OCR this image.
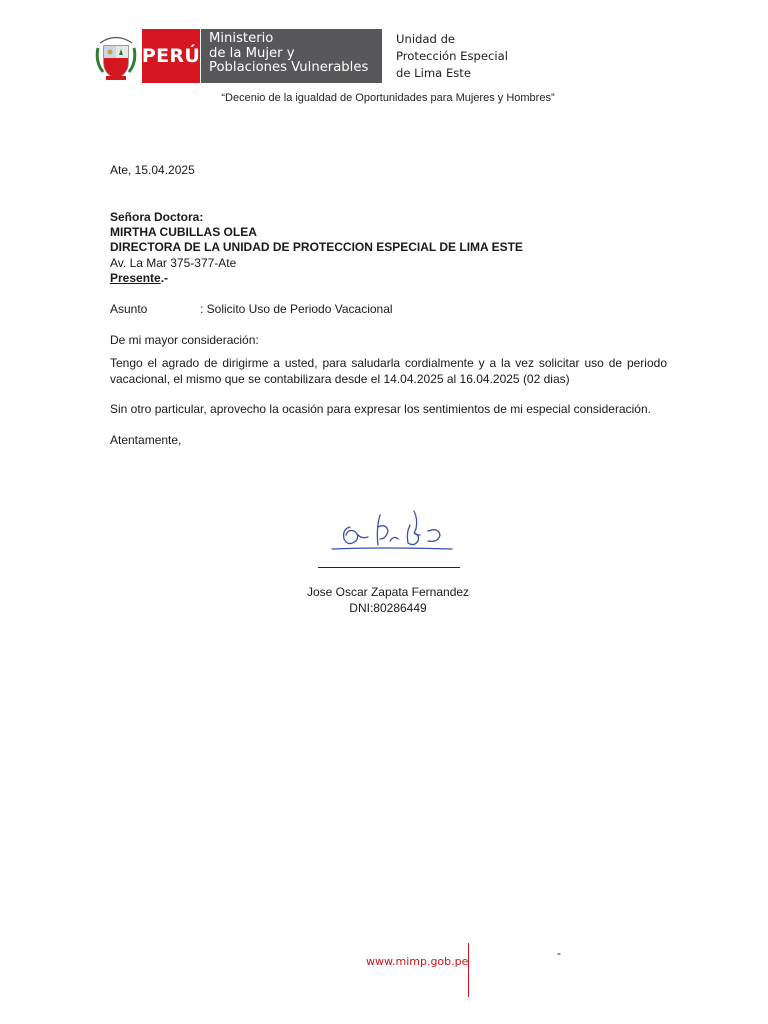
PERÚ
Ministerio
de la Mujer y
Poblaciones Vulnerables
Unidad de
Protección Especial
de Lima Este
“Decenio de la igualdad de Oportunidades para Mujeres y Hombres”
Ate, 15.04.2025
Señora Doctora:
MIRTHA CUBILLAS OLEA
DIRECTORA DE LA UNIDAD DE PROTECCION ESPECIAL DE LIMA ESTE
Av. La Mar 375-377-Ate
Presente.-
Asunto	: Solicito Uso de Periodo Vacacional
De mi mayor consideración:
Tengo el agrado de dirigirme a usted, para saludarla cordialmente y a la vez solicitar uso de periodo vacacional, el mismo que se contabilizara desde el 14.04.2025 al 16.04.2025 (02 dias)
Sin otro particular, aprovecho la ocasión para expresar los sentimientos de mi especial consideración.
Atentamente,
Jose Oscar Zapata Fernandez
DNI:80286449
www.mimp.gob.pe
-
